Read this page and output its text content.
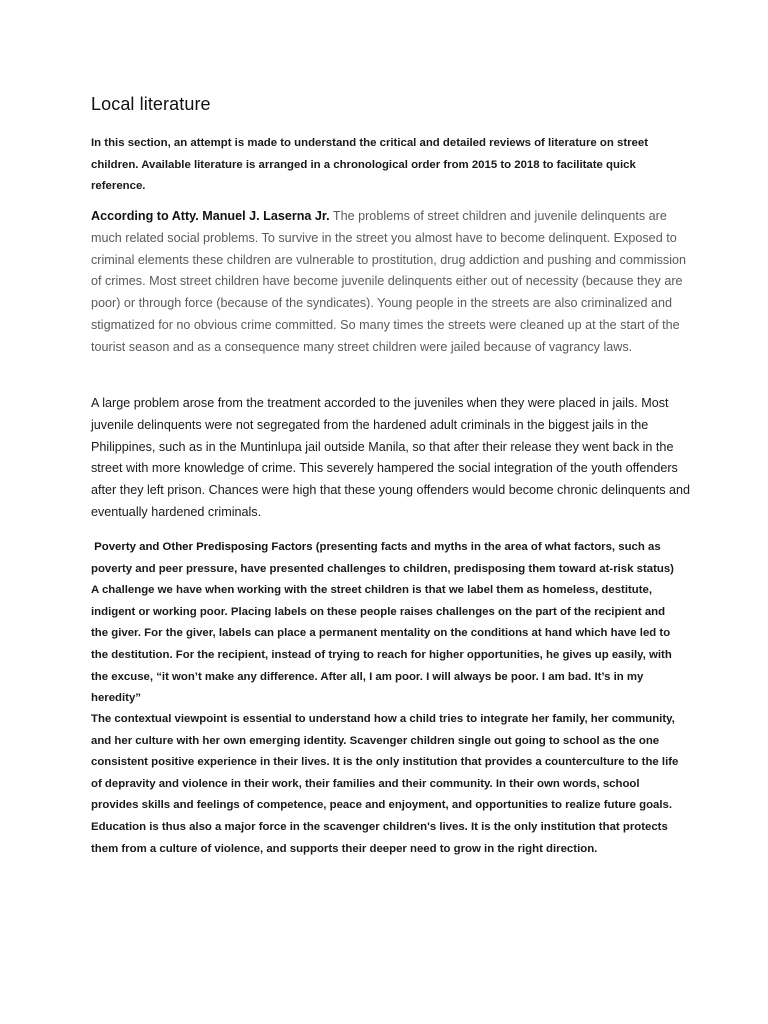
Local literature

In this section, an attempt is made to understand the critical and detailed reviews of literature on street children. Available literature is arranged in a chronological order from 2015 to 2018 to facilitate quick reference.

According to Atty. Manuel J. Laserna Jr. The problems of street children and juvenile delinquents are much related social problems. To survive in the street you almost have to become delinquent. Exposed to criminal elements these children are vulnerable to prostitution, drug addiction and pushing and commission of crimes. Most street children have become juvenile delinquents either out of necessity (because they are poor) or through force (because of the syndicates). Young people in the streets are also criminalized and stigmatized for no obvious crime committed. So many times the streets were cleaned up at the start of the tourist season and as a consequence many street children were jailed because of vagrancy laws.

A large problem arose from the treatment accorded to the juveniles when they were placed in jails. Most juvenile delinquents were not segregated from the hardened adult criminals in the biggest jails in the Philippines, such as in the Muntinlupa jail outside Manila, so that after their release they went back in the street with more knowledge of crime. This severely hampered the social integration of the youth offenders after they left prison. Chances were high that these young offenders would become chronic delinquents and eventually hardened criminals.

Poverty and Other Predisposing Factors (presenting facts and myths in the area of what factors, such as poverty and peer pressure, have presented challenges to children, predisposing them toward at-risk status) A challenge we have when working with the street children is that we label them as homeless, destitute, indigent or working poor. Placing labels on these people raises challenges on the part of the recipient and the giver. For the giver, labels can place a permanent mentality on the conditions at hand which have led to the destitution. For the recipient, instead of trying to reach for higher opportunities, he gives up easily, with the excuse, “it won’t make any difference. After all, I am poor. I will always be poor. I am bad. It’s in my heredity”

The contextual viewpoint is essential to understand how a child tries to integrate her family, her community, and her culture with her own emerging identity. Scavenger children single out going to school as the one consistent positive experience in their lives. It is the only institution that provides a counterculture to the life of depravity and violence in their work, their families and their community. In their own words, school provides skills and feelings of competence, peace and enjoyment, and opportunities to realize future goals. Education is thus also a major force in the scavenger children's lives. It is the only institution that protects them from a culture of violence, and supports their deeper need to grow in the right direction.
